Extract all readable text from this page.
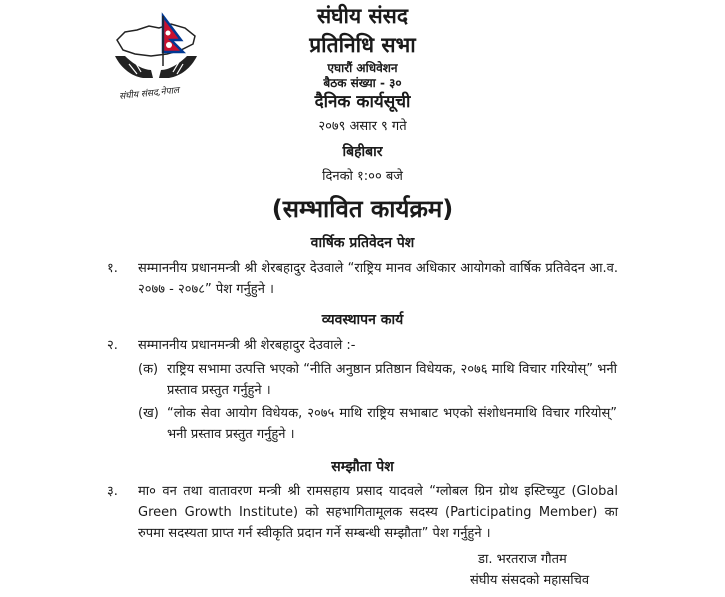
संघीय संसद,नेपाल
संघीय संसद
प्रतिनिधि सभा
एघारौं अधिवेशन
बैठक संख्या - ३०
दैनिक कार्यसूची
२०७९ असार ९ गते
बिहीबार
दिनको १:०० बजे
(सम्भावित कार्यक्रम)
वार्षिक प्रतिवेदन पेश
१. सम्माननीय प्रधानमन्त्री श्री शेरबहादुर देउवाले “राष्ट्रिय मानव अधिकार आयोगको वार्षिक प्रतिवेदन आ.व. २०७७ - २०७८” पेश गर्नुहुने ।
व्यवस्थापन कार्य
२. सम्माननीय प्रधानमन्त्री श्री शेरबहादुर देउवाले :-
(क) राष्ट्रिय सभामा उत्पत्ति भएको “नीति अनुष्ठान प्रतिष्ठान विधेयक, २०७६ माथि विचार गरियोस्” भनी प्रस्ताव प्रस्तुत गर्नुहुने ।
(ख) “लोक सेवा आयोग विधेयक, २०७५ माथि राष्ट्रिय सभाबाट भएको संशोधनमाथि विचार गरियोस्” भनी प्रस्ताव प्रस्तुत गर्नुहुने ।
सम्झौता पेश
३. मा० वन तथा वातावरण मन्त्री श्री रामसहाय प्रसाद यादवले “ग्लोबल ग्रिन ग्रोथ इस्टिच्युट (Global Green Growth Institute) को सहभागितामूलक सदस्य (Participating Member) का रुपमा सदस्यता प्राप्त गर्न स्वीकृति प्रदान गर्ने सम्बन्धी सम्झौता” पेश गर्नुहुने ।
डा. भरतराज गौतम
संघीय संसदको महासचिव
